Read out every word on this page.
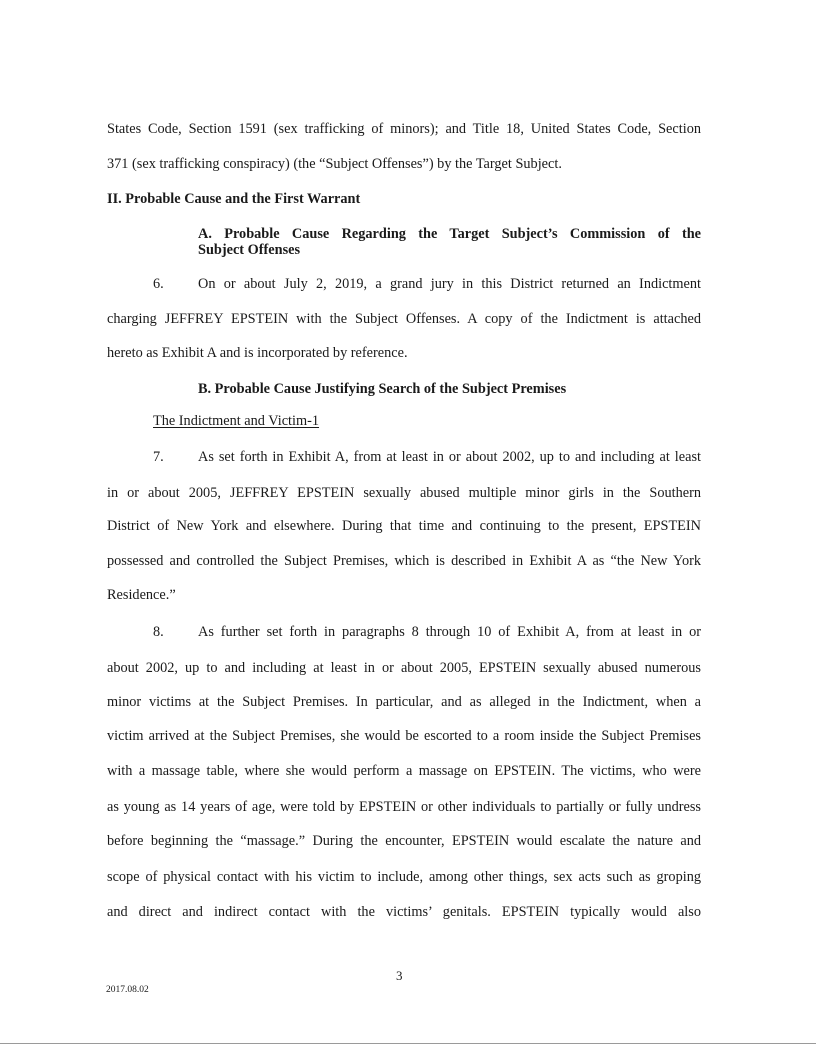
States Code, Section 1591 (sex trafficking of minors); and Title 18, United States Code, Section
371 (sex trafficking conspiracy) (the “Subject Offenses”) by the Target Subject.
II. Probable Cause and the First Warrant
A. Probable Cause Regarding the Target Subject’s Commission of the
Subject Offenses
6. On or about July 2, 2019, a grand jury in this District returned an Indictment
charging JEFFREY EPSTEIN with the Subject Offenses. A copy of the Indictment is attached
hereto as Exhibit A and is incorporated by reference.
B. Probable Cause Justifying Search of the Subject Premises
The Indictment and Victim-1
7. As set forth in Exhibit A, from at least in or about 2002, up to and including at least
in or about 2005, JEFFREY EPSTEIN sexually abused multiple minor girls in the Southern
District of New York and elsewhere. During that time and continuing to the present, EPSTEIN
possessed and controlled the Subject Premises, which is described in Exhibit A as “the New York
Residence.”
8. As further set forth in paragraphs 8 through 10 of Exhibit A, from at least in or
about 2002, up to and including at least in or about 2005, EPSTEIN sexually abused numerous
minor victims at the Subject Premises. In particular, and as alleged in the Indictment, when a
victim arrived at the Subject Premises, she would be escorted to a room inside the Subject Premises
with a massage table, where she would perform a massage on EPSTEIN. The victims, who were
as young as 14 years of age, were told by EPSTEIN or other individuals to partially or fully undress
before beginning the “massage.” During the encounter, EPSTEIN would escalate the nature and
scope of physical contact with his victim to include, among other things, sex acts such as groping
and direct and indirect contact with the victims’ genitals. EPSTEIN typically would also
3
2017.08.02
